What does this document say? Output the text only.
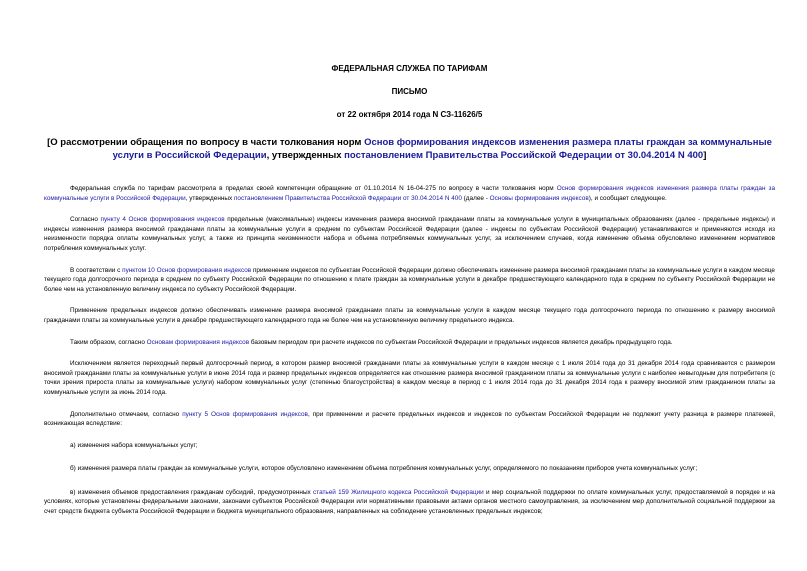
ФЕДЕРАЛЬНАЯ СЛУЖБА ПО ТАРИФАМ
ПИСЬМО
от 22 октября 2014 года N СЗ-11626/5
[О рассмотрении обращения по вопросу в части толкования норм Основ формирования индексов изменения размера платы граждан за коммунальные услуги в Российской Федерации, утвержденных постановлением Правительства Российской Федерации от 30.04.2014 N 400]

Федеральная служба по тарифам рассмотрела в пределах своей компетенции обращение от 01.10.2014 N 16-04-275 по вопросу в части толкования норм Основ формирования индексов изменения размера платы граждан за коммунальные услуги в Российской Федерации, утвержденных постановлением Правительства Российской Федерации от 30.04.2014 N 400 (далее - Основы формирования индексов), и сообщает следующее.

Согласно пункту 4 Основ формирования индексов предельные (максимальные) индексы изменения размера вносимой гражданами платы за коммунальные услуги в муниципальных образованиях (далее - предельные индексы) и индексы изменения размера вносимой гражданами платы за коммунальные услуги в среднем по субъектам Российской Федерации (далее - индексы по субъектам Российской Федерации) устанавливаются и применяются исходя из неизменности порядка оплаты коммунальных услуг, а также из принципа неизменности набора и объема потребляемых коммунальных услуг, за исключением случаев, когда изменение объема обусловлено изменением нормативов потребления коммунальных услуг.

В соответствии с пунктом 10 Основ формирования индексов применение индексов по субъектам Российской Федерации должно обеспечивать изменение размера вносимой гражданами платы за коммунальные услуги в каждом месяце текущего года долгосрочного периода в среднем по субъекту Российской Федерации по отношению к плате граждан за коммунальные услуги в декабре предшествующего календарного года в среднем по субъекту Российской Федерации не более чем на установленную величину индекса по субъекту Российской Федерации.

Применение предельных индексов должно обеспечивать изменение размера вносимой гражданами платы за коммунальные услуги в каждом месяце текущего года долгосрочного периода по отношению к размеру вносимой гражданами платы за коммунальные услуги в декабре предшествующего календарного года не более чем на установленную величину предельного индекса.

Таким образом, согласно Основам формирования индексов базовым периодом при расчете индексов по субъектам Российской Федерации и предельных индексов является декабрь предыдущего года.

Исключением является переходный первый долгосрочный период, в котором размер вносимой гражданами платы за коммунальные услуги в каждом месяце с 1 июля 2014 года до 31 декабря 2014 года сравнивается с размером вносимой гражданами платы за коммунальные услуги в июне 2014 года и размер предельных индексов определяется как отношение размера вносимой гражданином платы за коммунальные услуги с наиболее невыгодным для потребителя (с точки зрения прироста платы за коммунальные услуги) набором коммунальных услуг (степенью благоустройства) в каждом месяце в период с 1 июля 2014 года до 31 декабря 2014 года к размеру вносимой этим гражданином платы за коммунальные услуги за июнь 2014 года.

Дополнительно отмечаем, согласно пункту 5 Основ формирования индексов, при применении и расчете предельных индексов и индексов по субъектам Российской Федерации не подлежит учету разница в размере платежей, возникающая вследствие:

а) изменения набора коммунальных услуг;

б) изменения размера платы граждан за коммунальные услуги, которое обусловлено изменением объема потребления коммунальных услуг, определяемого по показаниям приборов учета коммунальных услуг;

в) изменения объемов предоставления гражданам субсидий, предусмотренных статьей 159 Жилищного кодекса Российской Федерации и мер социальной поддержки по оплате коммунальных услуг, предоставляемой в порядке и на условиях, которые установлены федеральными законами, законами субъектов Российской Федерации или нормативными правовыми актами органов местного самоуправления, за исключением мер дополнительной социальной поддержки за счет средств бюджета субъекта Российской Федерации и бюджета муниципального образования, направленных на соблюдение установленных предельных индексов;
